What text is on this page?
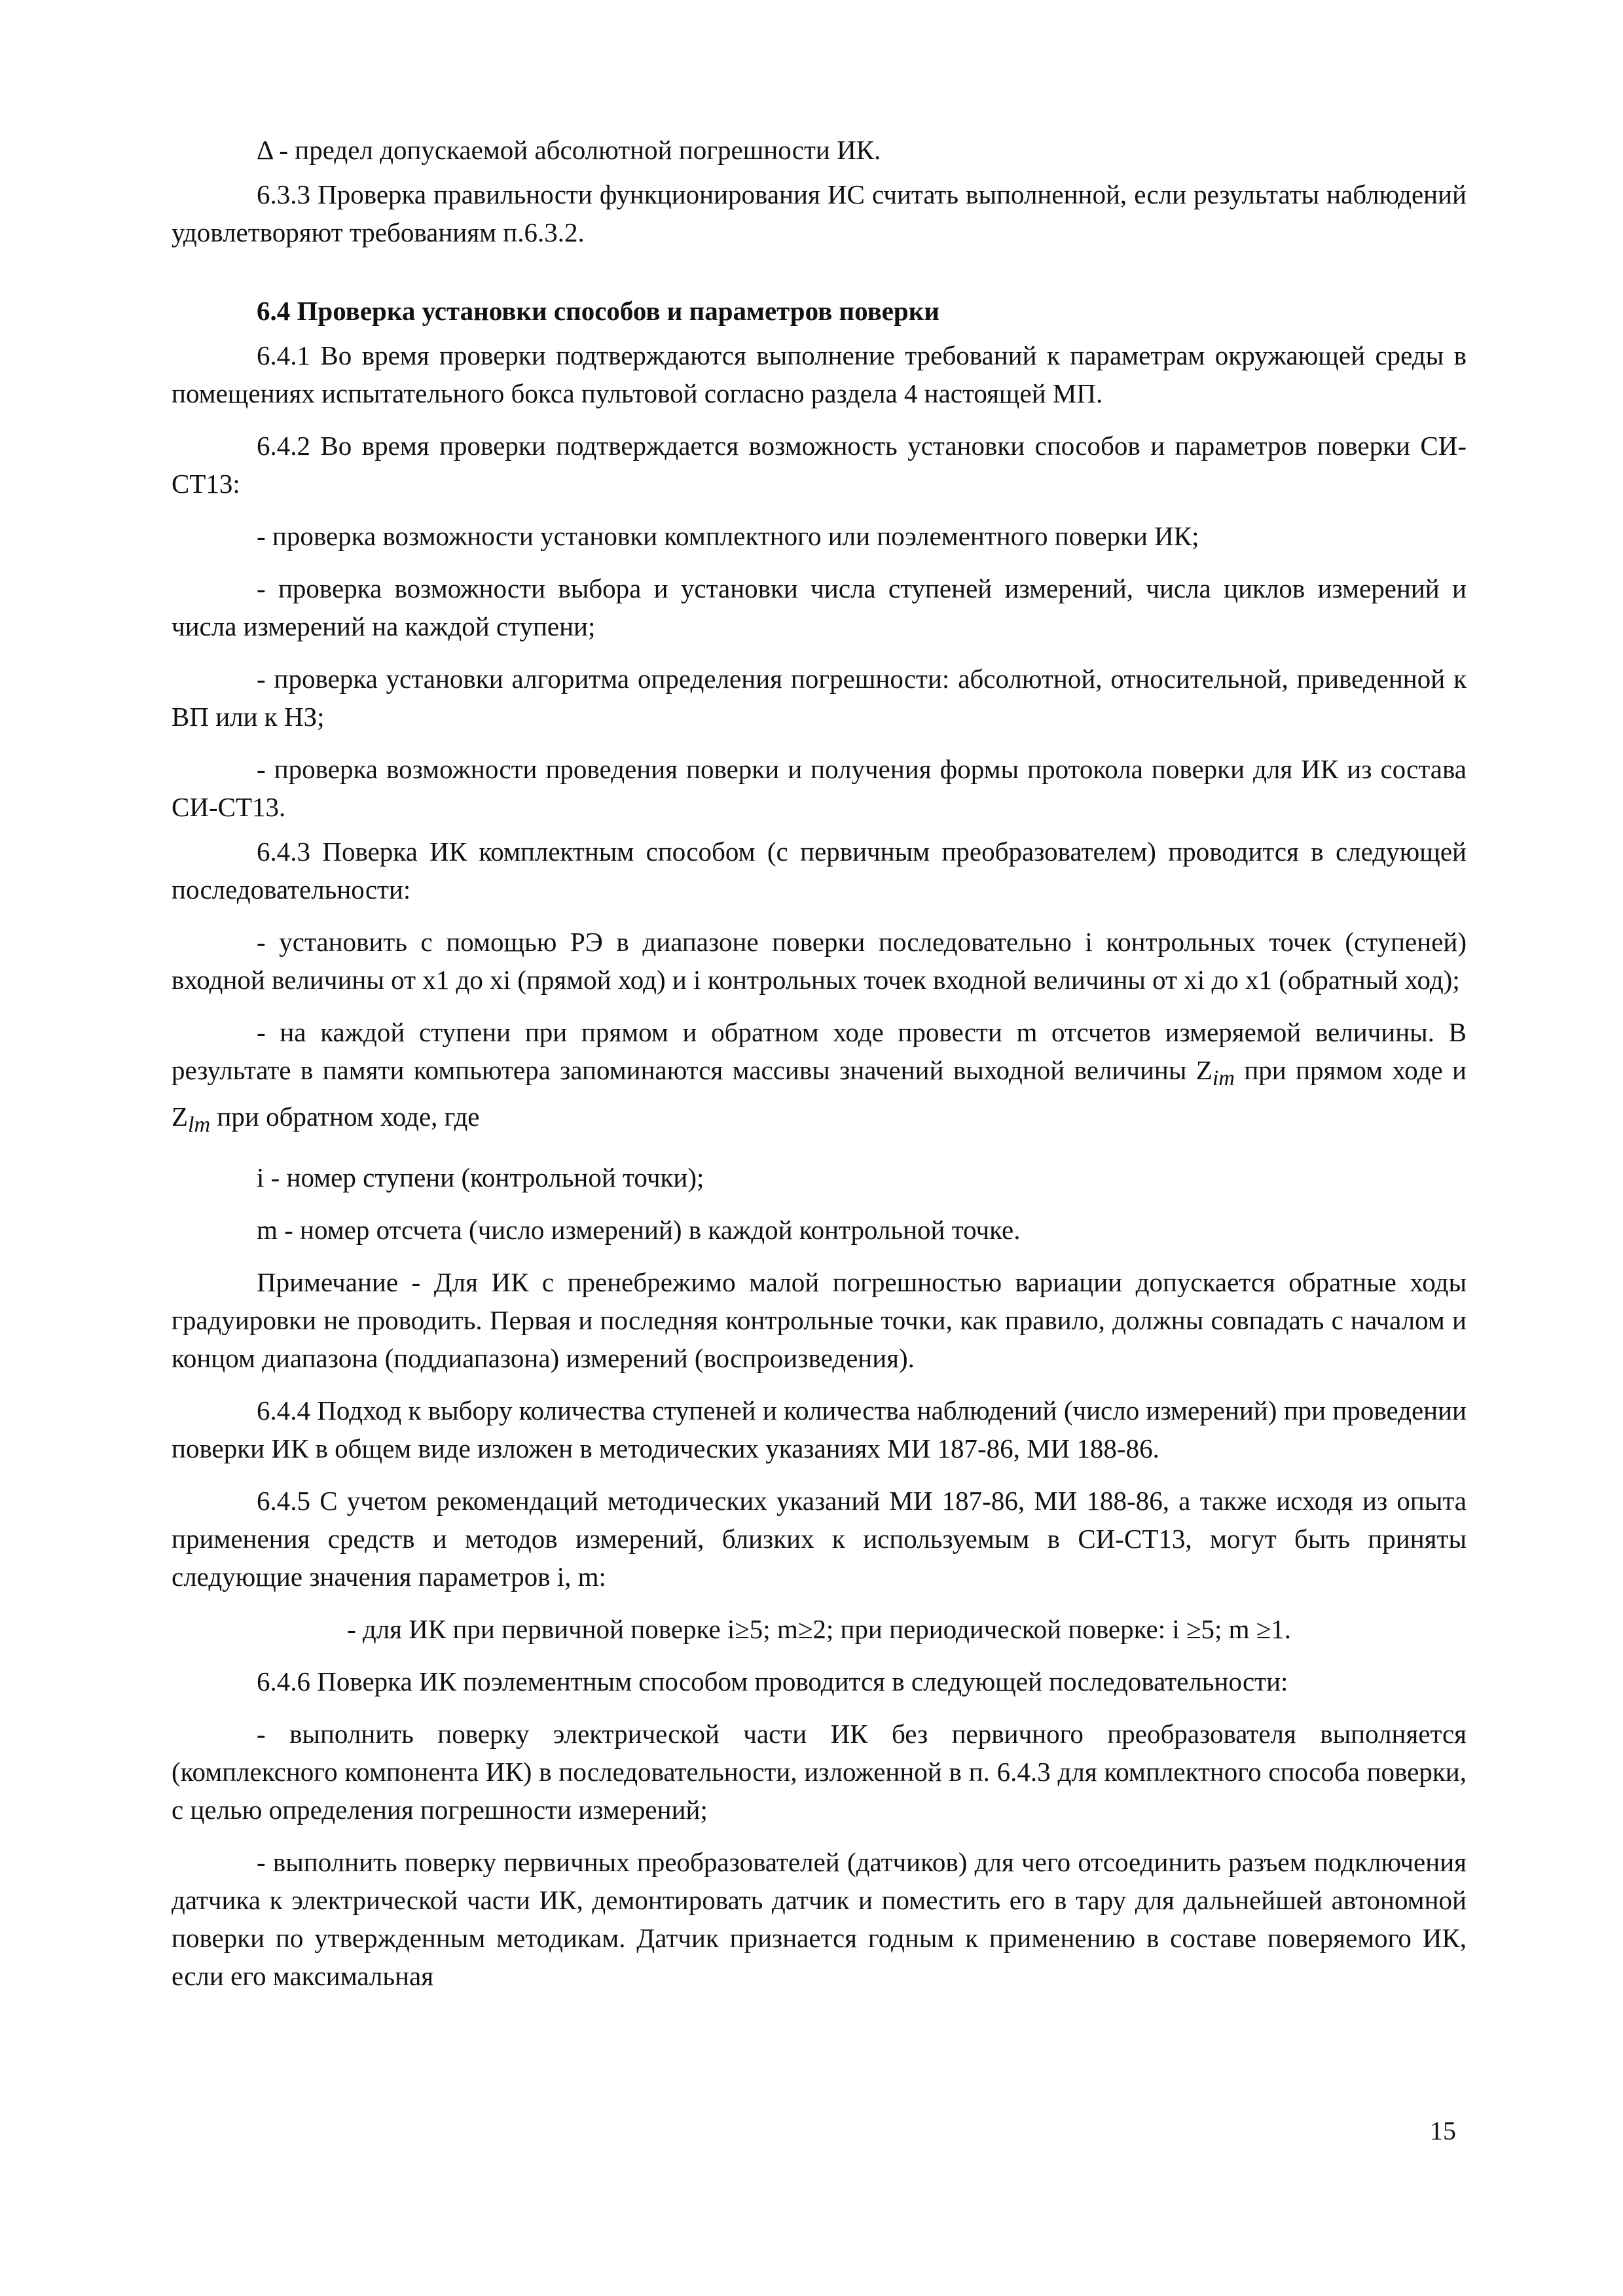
Δ - предел допускаемой абсолютной погрешности ИК.

6.3.3 Проверка правильности функционирования ИС считать выполненной, если результаты наблюдений удовлетворяют требованиям п.6.3.2.

6.4 Проверка установки способов и параметров поверки

6.4.1 Во время проверки подтверждаются выполнение требований к параметрам окружающей среды в помещениях испытательного бокса пультовой согласно раздела 4 настоящей МП.

6.4.2 Во время проверки подтверждается возможность установки способов и параметров поверки СИ-СТ13:

- проверка возможности установки комплектного или поэлементного поверки ИК;

- проверка возможности выбора и установки числа ступеней измерений, числа циклов измерений и числа измерений на каждой ступени;

- проверка установки алгоритма определения погрешности: абсолютной, относительной, приведенной к ВП или к НЗ;

- проверка возможности проведения поверки и получения формы протокола поверки для ИК из состава СИ-СТ13.

6.4.3 Поверка ИК комплектным способом (с первичным преобразователем) проводится в следующей последовательности:

- установить с помощью РЭ в диапазоне поверки последовательно i контрольных точек (ступеней) входной величины от x1 до xi (прямой ход) и i контрольных точек входной величины от xi до x1 (обратный ход);

- на каждой ступени при прямом и обратном ходе провести m отсчетов измеряемой величины. В результате в памяти компьютера запоминаются массивы значений выходной величины $Z_{im}$ при прямом ходе и $Z_{lm}$ при обратном ходе, где

i - номер ступени (контрольной точки);

m - номер отсчета (число измерений) в каждой контрольной точке.

Примечание - Для ИК с пренебрежимо малой погрешностью вариации допускается обратные ходы градуировки не проводить. Первая и последняя контрольные точки, как правило, должны совпадать с началом и концом диапазона (поддиапазона) измерений (воспроизведения).

6.4.4 Подход к выбору количества ступеней и количества наблюдений (число измерений) при проведении поверки ИК в общем виде изложен в методических указаниях МИ 187-86, МИ 188-86.

6.4.5 С учетом рекомендаций методических указаний МИ 187-86, МИ 188-86, а также исходя из опыта применения средств и методов измерений, близких к используемым в СИ-СТ13, могут быть приняты следующие значения параметров i, m:

- для ИК при первичной поверке i≥5; m≥2; при периодической поверке: i ≥5; m ≥1.

6.4.6 Поверка ИК поэлементным способом проводится в следующей последовательности:

- выполнить поверку электрической части ИК без первичного преобразователя выполняется (комплексного компонента ИК) в последовательности, изложенной в п. 6.4.3 для комплектного способа поверки, с целью определения погрешности измерений;

- выполнить поверку первичных преобразователей (датчиков) для чего отсоединить разъем подключения датчика к электрической части ИК, демонтировать датчик и поместить его в тару для дальнейшей автономной поверки по утвержденным методикам. Датчик признается годным к применению в составе поверяемого ИК, если его максимальная

15
